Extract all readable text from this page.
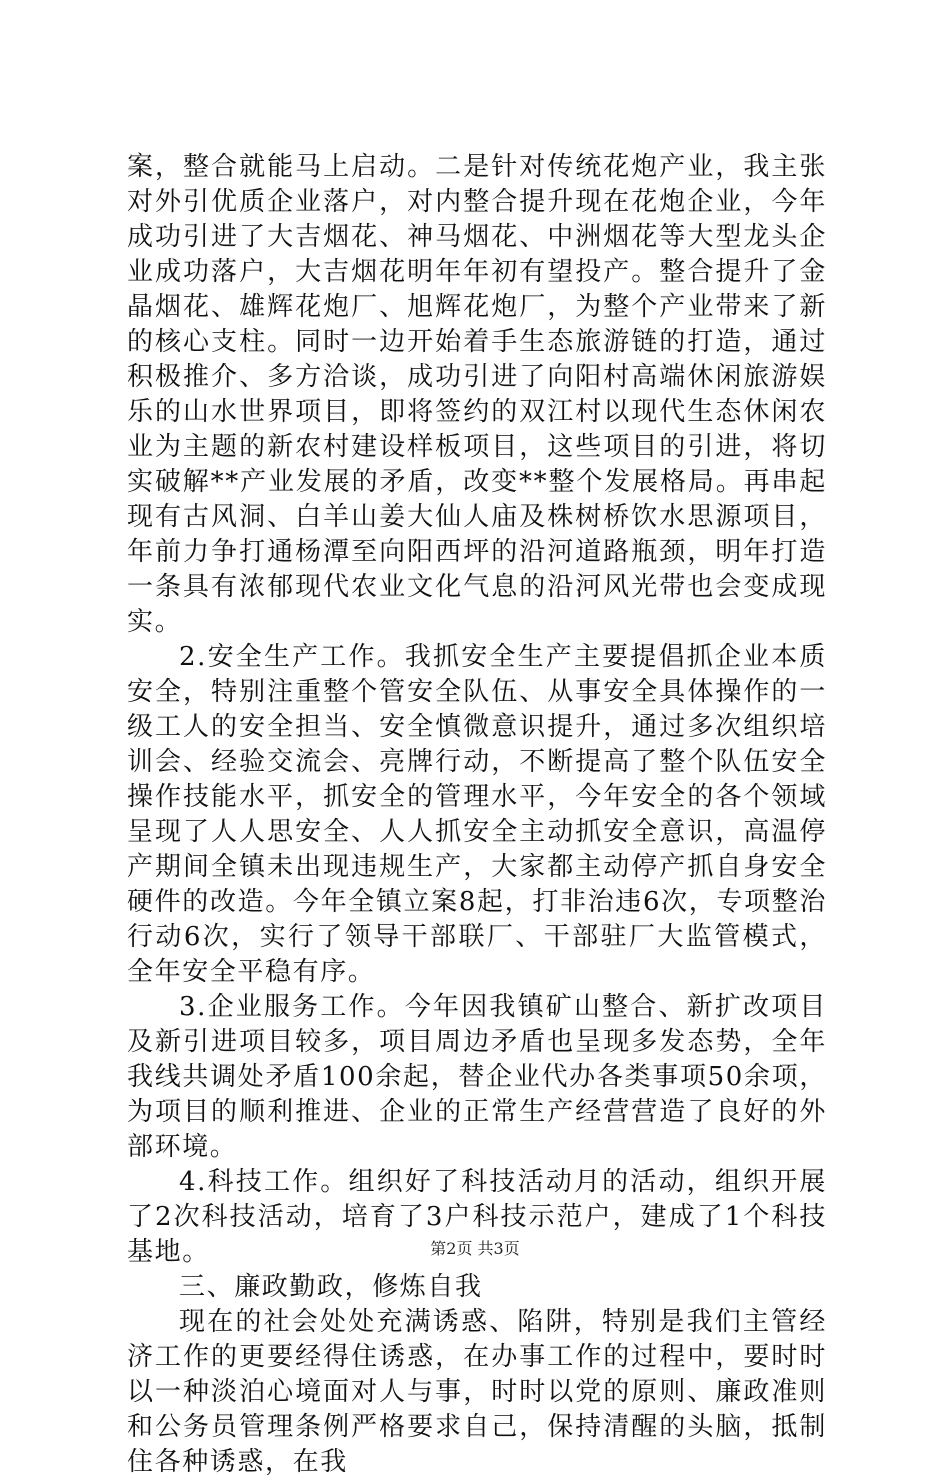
案，整合就能马上启动。二是针对传统花炮产业，我主张对外引优质企业落户，对内整合提升现在花炮企业，今年成功引进了大吉烟花、神马烟花、中洲烟花等大型龙头企业成功落户，大吉烟花明年年初有望投产。整合提升了金晶烟花、雄辉花炮厂、旭辉花炮厂，为整个产业带来了新的核心支柱。同时一边开始着手生态旅游链的打造，通过积极推介、多方洽谈，成功引进了向阳村高端休闲旅游娱乐的山水世界项目，即将签约的双江村以现代生态休闲农业为主题的新农村建设样板项目，这些项目的引进，将切实破解**产业发展的矛盾，改变**整个发展格局。再串起现有古风洞、白羊山姜大仙人庙及株树桥饮水思源项目，年前力争打通杨潭至向阳西坪的沿河道路瓶颈，明年打造一条具有浓郁现代农业文化气息的沿河风光带也会变成现实。

2.安全生产工作。我抓安全生产主要提倡抓企业本质安全，特别注重整个管安全队伍、从事安全具体操作的一级工人的安全担当、安全慎微意识提升，通过多次组织培训会、经验交流会、亮牌行动，不断提高了整个队伍安全操作技能水平，抓安全的管理水平，今年安全的各个领域呈现了人人思安全、人人抓安全主动抓安全意识，高温停产期间全镇未出现违规生产，大家都主动停产抓自身安全硬件的改造。今年全镇立案8起，打非治违6次，专项整治行动6次，实行了领导干部联厂、干部驻厂大监管模式，全年安全平稳有序。

3.企业服务工作。今年因我镇矿山整合、新扩改项目及新引进项目较多，项目周边矛盾也呈现多发态势，全年我线共调处矛盾100余起，替企业代办各类事项50余项，为项目的顺利推进、企业的正常生产经营营造了良好的外部环境。

4.科技工作。组织好了科技活动月的活动，组织开展了2次科技活动，培育了3户科技示范户，建成了1个科技基地。

三、廉政勤政，修炼自我

现在的社会处处充满诱惑、陷阱，特别是我们主管经济工作的更要经得住诱惑，在办事工作的过程中，要时时以一种淡泊心境面对人与事，时时以党的原则、廉政准则和公务员管理条例严格要求自己，保持清醒的头脑，抵制住各种诱惑，在我

第2页 共3页
